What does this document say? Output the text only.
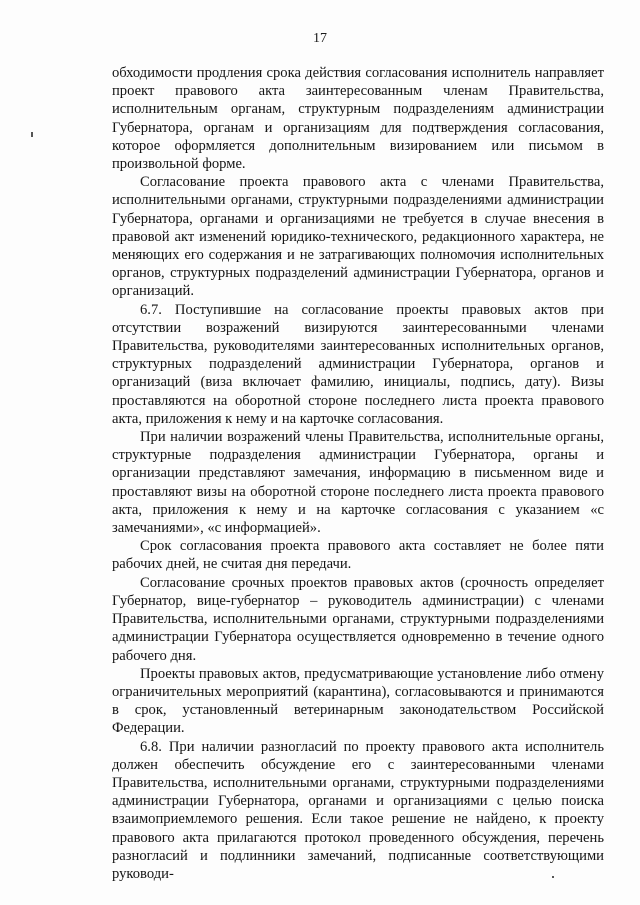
17

обходимости продления срока действия согласования исполнитель направляет проект правового акта заинтересованным членам Правительства, исполнительным органам, структурным подразделениям администрации Губернатора, органам и организациям для подтверждения согласования, которое оформляется дополнительным визированием или письмом в произвольной форме.

Согласование проекта правового акта с членами Правительства, исполнительными органами, структурными подразделениями администрации Губернатора, органами и организациями не требуется в случае внесения в правовой акт изменений юридико-технического, редакционного характера, не меняющих его содержания и не затрагивающих полномочия исполнительных органов, структурных подразделений администрации Губернатора, органов и организаций.

6.7. Поступившие на согласование проекты правовых актов при отсутствии возражений визируются заинтересованными членами Правительства, руководителями заинтересованных исполнительных органов, структурных подразделений администрации Губернатора, органов и организаций (виза включает фамилию, инициалы, подпись, дату). Визы проставляются на оборотной стороне последнего листа проекта правового акта, приложения к нему и на карточке согласования.

При наличии возражений члены Правительства, исполнительные органы, структурные подразделения администрации Губернатора, органы и организации представляют замечания, информацию в письменном виде и проставляют визы на оборотной стороне последнего листа проекта правового акта, приложения к нему и на карточке согласования с указанием «с замечаниями», «с информацией».

Срок согласования проекта правового акта составляет не более пяти рабочих дней, не считая дня передачи.

Согласование срочных проектов правовых актов (срочность определяет Губернатор, вице-губернатор – руководитель администрации) с членами Правительства, исполнительными органами, структурными подразделениями администрации Губернатора осуществляется одновременно в течение одного рабочего дня.

Проекты правовых актов, предусматривающие установление либо отмену ограничительных мероприятий (карантина), согласовываются и принимаются в срок, установленный ветеринарным законодательством Российской Федерации.

6.8. При наличии разногласий по проекту правового акта исполнитель должен обеспечить обсуждение его с заинтересованными членами Правительства, исполнительными органами, структурными подразделениями администрации Губернатора, органами и организациями с целью поиска взаимоприемлемого решения. Если такое решение не найдено, к проекту правового акта прилагаются протокол проведенного обсуждения, перечень разногласий и подлинники замечаний, подписанные соответствующими руководи-
